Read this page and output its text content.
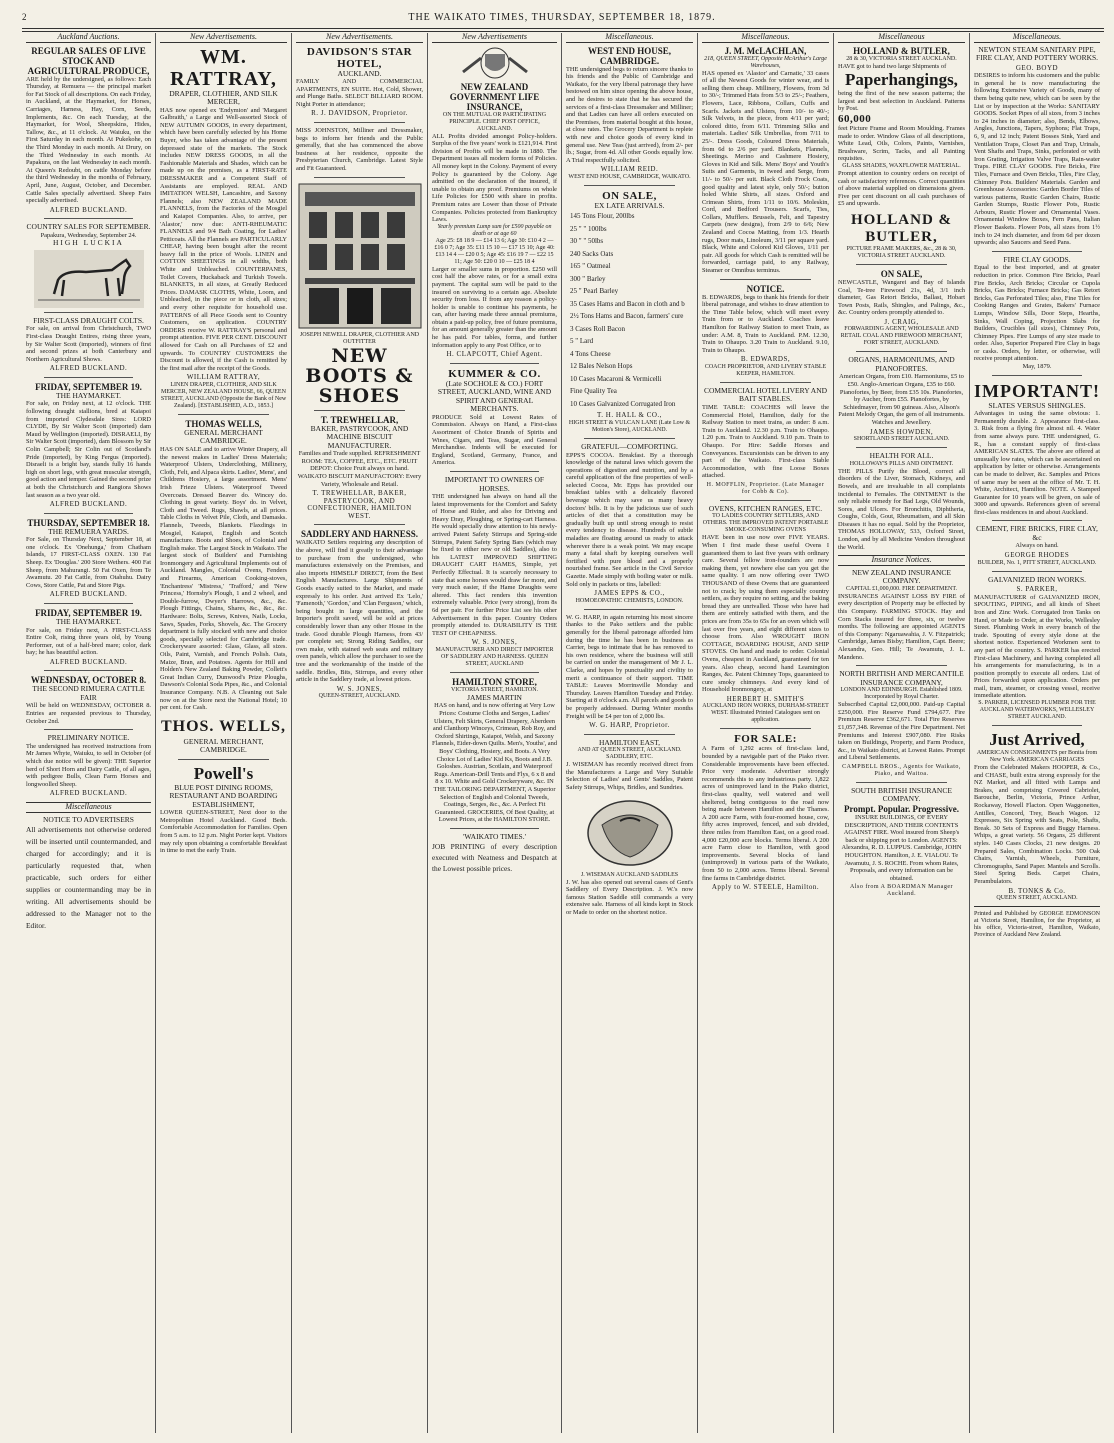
2	THE WAIKATO TIMES, THURSDAY, SEPTEMBER 18, 1879.
Auckland Auctions.
REGULAR SALES OF LIVE STOCK AND AGRICULTURAL PRODUCE,
ARE held by the undersigned, as follows: Each Thursday, at Remuera — the principal market for Fat Stock of all descriptions. On each Friday, in Auckland, at the Haymarket, for Horses, Carriages, Harness, Hay, Corn, Seeds, Implements, &c. On each Tuesday, at the Haymarket, for Wool, Sheepskins, Hides, Tallow, &c., at 11 o'clock. At Waiuku, on the First Saturday in each month. At Pukekohe, on the Third Monday in each month. At Drury, on the Third Wednesday in each month. At Papakura, on the last Wednesday in each month. At Queen's Redoubt, on cattle Monday before the third Wednesday in the months of February, April, June, August, October, and December. Cattle Sales specially advertised. Sheep Fairs specially advertised.
ALFRED BUCKLAND.
COUNTRY SALES FOR SEPTEMBER.
Papakura, Wednesday, September 24.
HIGH LUCKIA
FIRST-CLASS DRAUGHT COLTS.
For sale, on arrival from Christchurch, TWO First-class Draught Entires, rising three years, by Sir Walter Scott (imported), winners of first and second prizes at both Canterbury and Northern Agricultural Shows.
ALFRED BUCKLAND.
FRIDAY, SEPTEMBER 19.
THE HAYMARKET.
For sale, on Friday next, at 12 o'clock. THE following draught stallions, bred at Kaiapoi from imported Clydesdale Sires: LORD CLYDE, By Sir Walter Scott (imported) dam Maud by Wellington (imported). DISRAELI, By Sir Walter Scott (imported), dam Blossom by Sir Colin Campbell; Sir Colin out of Scotland's Pride (imported), by King Fergus (imported). Disraeli is a bright bay, stands fully 16 hands high on short legs, with great muscular strength, good action and temper. Gained the second prize at both the Christchurch and Rangiora Shows last season as a two year old.
ALFRED BUCKLAND.
THURSDAY, SEPTEMBER 18.
THE REMUERA YARDS.
For Sale, on Thursday Next, September 18, at one o'clock. Ex 'Onehunga,' from Chatham Islands, 17 FIRST-CLASS OXEN. 130 Fat Sheep. Ex 'Douglas.' 200 Store Wethers. 400 Fat Sheep, from Mahurangi. 50 Fat Oxen, from Te Awamutu. 20 Fat Cattle, from Otahuhu. Dairy Cows, Store Cattle, Pat and Store Pigs.
ALFRED BUCKLAND.
FRIDAY, SEPTEMBER 19.
THE HAYMARKET.
For sale, on Friday next, A FIRST-CLASS Entire Colt, rising three years old, by Young Performer, out of a half-bred mare; color, dark bay; he has beautiful action.
ALFRED BUCKLAND.
WEDNESDAY, OCTOBER 8.
THE SECOND RIMUERA CATTLE FAIR
Will be held on WEDNESDAY, OCTOBER 8. Entries are requested previous to Thursday, October 2nd.
PRELIMINARY NOTICE.
The undersigned has received instructions from Mr James Whyte, Waiuku, to sell in October (of which due notice will be given): THE Superior herd of Short Horn and Dairy Cattle, of all ages, with pedigree Bulls, Clean Farm Horses and longwoolled Sheep.
ALFRED BUCKLAND.
Miscellaneous
NOTICE TO ADVERTISERS
All advertisements not otherwise ordered will be inserted until countermanded, and charged for accordingly; and it is particularly requested that, when practicable, such orders for either supplies or countermanding may be in writing. All advertisements should be addressed to the Manager not to the Editor.
New Advertisements.
WM. RATTRAY,
DRAPER, CLOTHIER, AND SILK MERCER,
HAS now opened ex 'Endymion' and 'Margaret Galbraith,' a Large and Well-assorted Stock of NEW AUTUMN GOODS, in every department, which have been carefully selected by his Home Buyer, who has taken advantage of the present depressed state of the markets. The Stock includes NEW DRESS GOODS, in all the Fashionable Materials and Shades, which can be made up on the premises, as a FIRST-RATE DRESSMAKER and a Competent Staff of Assistants are employed. REAL AND IMITATION WELSH, Lancashire, and Saxony Flannels; also NEW ZEALAND MADE FLANNELS, from the Factories of the Mosgiel and Kaiapoi Companies. Also, to arrive, per 'Alastor,' now due: ANTI-RHEUMATIC FLANNELS and 9/4 Bath Coating, for Ladies' Petticoats. All the Flannels are PARTICULARLY CHEAP, having been bought after the recent heavy fall in the price of Wools. LINEN and COTTON SHEETINGS in all widths, both White and Unbleached. COUNTERPANES, Toilet Covers, Huckaback and Turkish Towels. BLANKETS, in all sizes, at Greatly Reduced Prices. DAMASK CLOTHS, White, Loom, and Unbleached, in the piece or in cloth, all sizes; and every other requisite for household use. PATTERNS of all Piece Goods sent to Country Customers, on application. COUNTRY ORDERS receive W. RATTRAY'S personal and prompt attention. FIVE PER CENT. DISCOUNT allowed for Cash on all Purchases of £2 and upwards. To COUNTRY CUSTOMERS the Discount is allowed, if the Cash is remitted by the first mail after the receipt of the Goods.
WILLIAM RATTRAY,
LINEN DRAPER, CLOTHIER, AND SILK MERCER, NEW ZEALAND HOUSE, 66, QUEEN STREET, AUCKLAND (Opposite the Bank of New Zealand). [ESTABLISHED, A.D., 1853.]
THOMAS WELLS,
GENERAL MERCHANT CAMBRIDGE.
HAS ON SALE and to arrive Winter Drapery, all the newest makes in Ladies' Dress Materials; Waterproof Ulsters, Underclothing, Millinery, Cloth, Felt, and Alpaca skirts. Ladies', Mens', and Childrens Hosiery, a large assortment. Mens' Irish Frieze Ulsters. Waterproof Tweed Overcoats. Dressed Beaver do. Wincey do. Clothing in great variety. Boys' do. in Velvet, Cloth and Tweed. Rugs, Shawls, at all prices. Table Cloths in Velvet Pile, Cloth, and Damasks. Flannels, Tweeds, Blankets. Flaxdings in Mosgiel, Kaiapoi, English and Scotch manufacture. Boots and Shoes, of Colonial and English make. The Largest Stock in Waikato. The largest stock of Builders' and Furnishing Ironmongery and Agricultural Implements out of Auckland. Mangles, Colonial Ovens, Fenders and Firearms, American Cooking-stoves, 'Enchantress' 'Mistress,' 'Trafford,' and 'New Princess,' Hornsby's Plough, 1 and 2 wheel, and Double-furrow, Dwyer's Harrows, &c., &c. Plough Fittings, Chains, Shares, &c., &c., &c. Hardware: Bolts, Screws, Knives, Nails, Locks, Saws, Spades, Forks, Shovels, &c. The Grocery department is fully stocked with new and choice goods, specially selected for Cambridge trade. Crockeryware assorted: Glass, Glass, all sizes. Oils, Paint, Varnish, and French Polish. Oats, Maize, Bran, and Potatoes. Agents for Hill and Holden's New Zealand Baking Powder, Collett's Great Indian Curry, Dunwood's Prize Ploughs, Dawson's Colonial Soda Pipes, &c., and Colonial Insurance Company. N.B. A Cleaning out Sale now on at the Store next the National Hotel; 10 per cent. for Cash.
THOS. WELLS,
GENERAL MERCHANT, CAMBRIDGE.
Powell's
BLUE POST DINING ROOMS, RESTAURANT AND BOARDING ESTABLISHMENT,
LOWER QUEEN-STREET, Next door to the Metropolitan Hotel Auckland. Good Beds. Comfortable Accommodation for Families. Open from 5 a.m. to 12 p.m. Night Porter kept. Visitors may rely upon obtaining a comfortable Breakfast in time to met the early Train.
New Advertisements.
DAVIDSON'S STAR HOTEL,
AUCKLAND.
FAMILY AND COMMERCIAL APARTMENTS, EN SUITE. Hot, Cold, Shower, and Plunge Baths. SELECT BILLIARD ROOM. Night Porter in attendance;
R. J. DAVIDSON, Proprietor.
MISS JOHNSTON, Milliner and Dressmaker, begs to inform her friends and the Public generally, that she has commenced the above business at her residence, opposite the Presbyterian Church, Cambridge. Latest Style and Fit Guaranteed.
JOSEPH NEWELL DRAPER, CLOTHIER AND OUTFITTER
NEW BOOTS & SHOES
T. TREWHELLAR,
BAKER, PASTRYCOOK, AND MACHINE BISCUIT MANUFACTURER.
Families and Trade supplied. REFRESHMENT ROOM: TEA, COFFEE, ETC., ETC. FRUIT DEPOT: Choice Fruit always on hand. WAIKATO BISCUIT MANUFACTORY: Every Variety, Wholesale and Retail.
T. TREWHELLAR, BAKER, PASTRYCOOK, AND CONFECTIONER, HAMILTON WEST.
SADDLERY AND HARNESS.
WAIKATO Settlers requiring any description of the above, will find it greatly to their advantage to purchase from the undersigned, who manufactures extensively on the Premises, and also imports HIMSELF DIRECT, from the Best English Manufactures. Large Shipments of Goods exactly suited to the Market, and made expressly to his order. Just arrived Ex 'Lelo,' 'Famenoth,' 'Gordon,' and 'Clan Ferguson,' which, being bought in large quantities, and the Importer's profit saved, will be sold at prices considerably lower than any other House in the trade. Good durable Plough Harness, from 43/ per complete set; Strong Riding Saddles, our own make, with stained web seats and military oven panels, which allow the purchaser to see the tree and the workmanship of the inside of the saddle. Bridles, Bits, Stirrups, and every other article in the Saddlery trade, at lowest prices.
W. S. JONES,
QUEEN-STREET, AUCKLAND.
New Advertisements
NEW ZEALAND GOVERNMENT LIFE INSURANCE,
ON THE MUTUAL OR PARTICIPATING PRINCIPLE. CHIEF POST OFFICE, AUCKLAND.
ALL Profits divided amongst Policy-holders. Surplus of the five years' work is £121,914. First division of Profits will be made in 1880. The Department issues all modern forms of Policies. All money kept in the Colony. Payment of every Policy is guaranteed by the Colony. Age admitted on the declaration of the insured, if unable to obtain any proof. Premiums on whole Life Policies for £500 with share in profits. Premium rates are Lower than those of Private Companies. Policies protected from Bankruptcy Laws.
Yearly premium Lump sum for £500 payable on death or at age 60
Age 25: £8 18 9 — £14 13 6; Age 30: £10 4 2 — £16 0 7; Age 35: £11 15 10 — £17 15 10; Age 40: £13 14 4 — £20 0 5; Age 45: £16 19 7 — £22 15 11; Age 50: £20 0 10 — £25 18 4
Larger or smaller sums in proportion. £250 will cost half the above rates, or for a small extra payment. The capital sum will be paid to the insured on surviving to a certain age. Absolute security from loss. If from any reason a policy-holder is unable to continue his payments, he can, after having made three annual premiums, obtain a paid-up policy, free of future premiums, for an amount generally greater than the amount he has paid. For tables, forms, and further information apply to any Post Office, or to
H. CLAPCOTT, Chief Agent.
KUMMER & CO.
(Late SOCHOLE & CO.) FORT STREET, AUCKLAND, WINE AND SPIRIT AND GENERAL MERCHANTS.
PRODUCE Sold at Lowest Rates of Commission. Always on Hand, a First-class Assortment of Choice Brands of Spirits and Wines, Cigars, and Teas, Sugar, and General Merchandise. Indents will be executed for England, Scotland, Germany, France, and America.
IMPORTANT TO OWNERS OF HORSES.
THE undersigned has always on hand all the latest improvements for the Comfort and Safety of Horse and Rider, and also for Driving and Heavy Dray, Ploughing, or Spring-cart Harness. He would specially draw attention to his newly-arrived Patent Safety Stirrups and Spring-side Stirrups, Patent Safety Spring Bars (which may be fixed to either new or old Saddles), also to his LATEST IMPROVED SHIFTING DRAUGHT CART HAMES, Simple, yet Perfectly Effectual. It is scarcely necessary to state that some horses would draw far more, and very much easier, if the Hame Draughts were altered. This fact renders this invention extremely valuable. Price (very strong), from 8s 6d per pair. For further Price List see his other Advertisement in this paper. Country Orders promptly attended to. DURABILITY IS THE TEST OF CHEAPNESS.
W. S. JONES,
MANUFACTURER AND DIRECT IMPORTER OF SADDLERY AND HARNESS. QUEEN STREET, AUCKLAND
HAMILTON STORE,
VICTORIA STREET, HAMILTON.
JAMES MARTIN
HAS on hand, and is now offering at Very Low Prices: Costume Cloths and Serges, Ladies' Ulsters, Felt Skirts, General Drapery, Aberdeen and Clanthorp Winceys, Crimean, Rob Roy, and Oxford Shirtings, Kaiapoi, Welsh, and Saxony Flannels, Eider-down Quilts. Men's, Youths', and Boys' Clothing, Hosiery, and Boots. A Very Choice Lot of Ladies' Kid Ks, Boots and J.B. Goloshes. Austrian, Scotlain, and Waterproof Rugs. American-Drill Tents and Flys, 6 x 8 and 8 x 10. White and Gold Crockeryware, &c. IN THE TAILORING DEPARTMENT, A Superior Selection of English and Colonial Tweeds, Coatings, Serges, &c., &c. A Perfect Fit Guaranteed. GROCERIES, Of Best Quality, at Lowest Prices, at the HAMILTON STORE.
'WAIKATO TIMES.'
JOB PRINTING of every description executed with Neatness and Despatch at the Lowest possible prices.
Miscellaneous.
WEST END HOUSE, CAMBRIDGE.
THE undersigned begs to return sincere thanks to his friends and the Public of Cambridge and Waikato, for the very liberal patronage they have bestowed on him since opening the above house, and he desires to state that he has secured the services of a first-class Dressmaker and Milliner; and that Ladies can have all orders executed on the Premises, from material bought at this house, at close rates. The Grocery Department is replete with new and choice goods of every kind in general use. New Teas (just arrived), from 2/- per lb.; Sugar, from 4d. All other Goods equally low. A Trial respectfully solicited.
WILLIAM REID.
WEST END HOUSE, CAMBRIDGE, WAIKATO.
ON SALE,
EX LATE ARRIVALS.
145 Tons Flour, 200lbs
25 " " 100lbs
30 " " 50lbs
240 Sacks Oats
165 " Oatmeal
300 " Barley
25 " Pearl Barley
35 Cases Hams and Bacon in cloth and b
2½ Tons Hams and Bacon, farmers' cure
3 Cases Roll Bacon
5 " Lard
4 Tons Cheese
12 Bales Nelson Hops
10 Cases Macaroni & Vermicelli
Fine Quality Tea
10 Cases Galvanized Corrugated Iron
T. H. HALL & CO.,
HIGH STREET & VULCAN LANE (Late Low & Motion's Store), AUCKLAND.
GRATEFUL—COMFORTING.
EPPS'S COCOA. Breakfast. By a thorough knowledge of the natural laws which govern the operations of digestion and nutrition, and by a careful application of the fine properties of well-selected Cocoa, Mr. Epps has provided our breakfast tables with a delicately flavored beverage which may save us many heavy doctors' bills. It is by the judicious use of such articles of diet that a constitution may be gradually built up until strong enough to resist every tendency to disease. Hundreds of subtle maladies are floating around us ready to attack wherever there is a weak point. We may escape many a fatal shaft by keeping ourselves well fortified with pure blood and a properly nourished frame. See article in the Civil Service Gazette. Made simply with boiling water or milk. Sold only in packets or tins, labelled:
JAMES EPPS & CO.,
HOMOEOPATHIC CHEMISTS, LONDON.
W. G. HARP, in again returning his most sincere thanks to the Pako settlers and the public generally for the liberal patronage afforded him during the time he has been in business as Carrier, begs to intimate that he has removed to his own residence, where the business will still be carried on under the management of Mr J. L. Clarke, and hopes by punctuality and civility to merit a continuance of their support. TIME TABLE: Leaves Morrinsville Monday and Thursday. Leaves Hamilton Tuesday and Friday. Starting at 8 o'clock a.m. All parcels and goods to be properly addressed. During Winter months Freight will be £4 per ton of 2,000 lbs.
W. G. HARP, Proprietor.
HAMILTON EAST,
AND AT QUEEN STREET, AUCKLAND. SADDLERY, ETC.
J. WISEMAN has recently received direct from the Manufacturers a Large and Very Suitable Selection of Ladies' and Gents' Saddles, Patent Safety Stirrups, Whips, Bridles, and Sundries.
J. WISEMAN AUCKLAND SADDLES
J. W. has also opened out several cases of Gent's Saddlery of Every Description. J. W.'s now famous Station Saddle still commands a very extensive sale. Harness of all kinds kept in Stock or Made to order on the shortest notice.
Miscellaneous.
J. M. McLACHLAN,
218, QUEEN STREET, Opposite McArthur's Large Warehouses,
HAS opened ex 'Alastor' and Carnatic,' 33 cases of all the Newest Goods for winter wear, and is selling them cheap. Millinery, Flowers, from 3d to 30/-; Trimmed Hats from 5/3 to 25/-; Feathers, Flowers, Lace, Ribbons, Collars, Cuffs and Scarfs. Jackets and Ulsters, from 10/- to 40/-; Silk Velvets, in the piece, from 4/11 per yard; colored ditto, from 6/11. Trimming Silks and materials. Ladies' Silk Umbrellas, from 7/11 to 25/-. Dress Goods, Coloured Dress Materials, from 6d to 2/6 per yard. Blankets, Flannels, Sheetings. Merino and Cashmere Hosiery, Gloves in Kid and Silk. Mens' Boys' and Youth's Suits and Garments, in tweed and Serge, from 11/- to 50/- per suit. Black Cloth Frock Coats, good quality and latest style, only 50/-; button holed White Shirts, all sizes. Oxford and Crimean Shirts, from 1/11 to 10/6. Moleskin, Cord, and Bedford Trousers. Scarfs, Ties, Collars, Mufflers. Brussels, Felt, and Tapestry Carpets (new designs), from 2/9 to 6/6; New Zealand and Cocoa Matting, from 1/3. Hearth rugs, Door mats, Linoleum, 3/11 per square yard. Black, White and Colored Kid Gloves, 1/11 per pair. All goods for which Cash is remitted will be forwarded, carriage paid, to any Railway, Steamer or Omnibus terminus.
NOTICE.
B. EDWARDS, begs to thank his friends for their liberal patronage, and wishes to draw attention to the Time Table below, which will meet every Train from or to Auckland. Coaches leave Hamilton for Railway Station to meet Train, as under: A.M. 8, Train to Auckland. P.M. 12.30, Train to Ohaupo. 3.20 Train to Auckland. 9.10, Train to Ohaupo.
B. EDWARDS,
COACH PROPRIETOR, AND LIVERY STABLE KEEPER, HAMILTON.
COMMERCIAL HOTEL LIVERY AND BAIT STABLES.
TIME TABLE: COACHES will leave the Commercial Hotel, Hamilton, daily for the Railway Station to meet trains, as under: 8 a.m. Train to Auckland. 12.30 p.m. Train to Ohaupo. 1.20 p.m. Train to Auckland. 9.10 p.m. Train to Ohaupo. For Hire: Saddle Horses and Conveyances. Excursionists can be driven to any part of the Waikato. First-class Stable Accommodation, with fine Loose Boxes attached.
H. MOFFLIN, Proprietor. (Late Manager for Cobb & Co).
OVENS, KITCHEN RANGES, ETC.
TO LADIES COUNTRY SETTLERS, AND OTHERS. THE IMPROVED PATENT PORTABLE SMOKE-CONSUMING OVENS
HAVE been in use now over FIVE YEARS. When I first made these useful Ovens I guaranteed them to last five years with ordinary care. Several fellow iron-founders are now making them, yet nowhere else can you get the same quality. I am now offering over TWO THOUSAND of these Ovens that are guaranteed not to crack; by using them especially country settlers, as they require no setting, and the baking bread they are unrivalled. Those who have had them are entirely satisfied with them, and the prices are from 35s to 65s for an oven which will last over five years, and eight different sizes to choose from. Also WROUGHT IRON COTTAGE, BOARDING HOUSE, AND SHIP STOVES. On hand and made to order. Colonial Ovens, cheapest in Auckland, guaranteed for ten years. Also cheap, second hand Leamington Ranges, &c. Patent Chimney Tops, guaranteed to cure smoky chimneys. And every kind of Household Ironmongery, at
HERBERT H. SMITH'S
AUCKLAND IRON WORKS, DURHAM-STREET WEST. Illustrated Printed Catalogues sent on application.
FOR SALE:
A Farm of 1,292 acres of first-class land, bounded by a navigable part of the Piako river. Considerable improvements have been effected. Price very moderate. Advertiser strongly recommends this to any industrious party. 1,822 acres of unimproved land in the Piako district, first-class quality, well watered and well sheltered, being contiguous to the road now being made between Hamilton and the Thames. A 200 acre Farm, with four-roomed house, cow, fifty acres improved, fenced, and sub divided, three miles from Hamilton East, on a good road. 4,000 £20,000 acre blocks. Terms liberal. A 200 acre Farm close to Hamilton, with good improvements. Several blocks of land (unimproved) in various parts of the Waikato, from 50 to 2,000 acres. Terms liberal. Several fine farms in Cambridge district.
Apply to W. STEELE, Hamilton.
Miscellaneous
HOLLAND & BUTLER,
28 & 30, VICTORIA STREET AUCKLAND.
HAVE got to hand two large Shipments of
Paperhangings,
being the first of the new season patterns; the largest and best selection in Auckland. Patterns by Post.
60,000
feet Picture Frame and Room Moulding. Frames made to order. Window Glass of all descriptions, White Lead, Oils, Colors, Paints, Varnishes, Brushware, Scrim, Tacks, and all Painting requisites.
GLASS SHADES, WAXFLOWER MATERIAL.
Prompt attention to country orders on receipt of cash or satisfactory references. Correct quantities of above material supplied on dimensions given. Five per cent discount on all cash purchases of £5 and upwards.
HOLLAND & BUTLER,
PICTURE FRAME MAKERS, &c., 28 & 30, VICTORIA STREET AUCKLAND.
ON SALE,
NEWCASTLE, Wangarei and Bay of Islands Coal, Te-tree Firewood 21s, 4d, 3/1 inch diameter, Gas Retort Bricks, Ballast, Hobart Town Posts, Rails, Shingles, and Palings, &c., &c. Country orders promptly attended to.
J. CRAIG,
FORWARDING AGENT, WHOLESALE AND RETAIL COAL AND FIREWOOD MERCHANT, FORT STREET, AUCKLAND.
ORGANS, HARMONIUMS, AND PIANOFORTES.
American Organs, from £10. Harmoniums, £5 to £50. Anglo-American Organs, £35 to £60. Pianofortes, by Beer, from £35 10s. Pianofortes, by Aucher, from £55. Pianofortes, by Schiedmayer, from 90 guineas. Also, Alison's Patent Melody Organ, the gem of all instruments. Watches and Jewellery.
JAMES HOWDEN,
SHORTLAND STREET AUCKLAND.
HEALTH FOR ALL.
HOLLOWAY'S PILLS AND OINTMENT.
THE PILLS Purify the Blood, correct all disorders of the Liver, Stomach, Kidneys, and Bowels, and are invaluable in all complaints incidental to Females. The OINTMENT is the only reliable remedy for Bad Legs, Old Wounds, Sores, and Ulcers. For Bronchitis, Diphtheria, Coughs, Colds, Gout, Rheumatism, and all Skin Diseases it has no equal. Sold by the Proprietor, THOMAS HOLLOWAY, 533, Oxford Street, London, and by all Medicine Vendors throughout the World.
Insurance Notices.
NEW ZEALAND INSURANCE COMPANY.
CAPITAL £1,000,000. FIRE DEPARTMENT.
INSURANCES AGAINST LOSS BY FIRE of every description of Property may be effected by this Company. FARMING STOCK. Hay and Corn Stacks insured for three, six, or twelve months. The following are appointed AGENTS of this Company: Ngaruawahia, J. V. Fitzpatrick; Cambridge, James Bisby; Hamilton, Capt. Beere; Alexandra, Geo. Hill; Te Awamutu, J. L. Mandeno.
NORTH BRITISH AND MERCANTILE INSURANCE COMPANY,
LONDON AND EDINBURGH. Established 1809. Incorporated by Royal Charter.
Subscribed Capital £2,000,000. Paid-up Capital £250,000. Fire Reserve Fund £794,677. Fire Premium Reserve £362,671. Total Fire Reserves £1,057,348. Revenue of the Fire Department. Net Premiums and Interest £907,080. Fire Risks taken on Buildings, Property, and Farm Produce, &c., in Waikato district, at Lowest Rates. Prompt and Liberal Settlements.
CAMPBELL BROS., Agents for Waikato, Piako, and Waitoa.
SOUTH BRITISH INSURANCE COMPANY.
Prompt. Popular. Progressive.
INSURE BUILDINGS, OF EVERY DESCRIPTION, AND THEIR CONTENTS AGAINST FIRE. Wool insured from Sheep's back or shipping port to London. AGENTS: Alexandra, R. D. LUPPUS. Cambridge, JOHN HOUGHTON. Hamilton, J. E. VIALOU. Te Awamutu, J. S. ROCHE. From whom Rates, Proposals, and every information can be obtained.
Also from A BOARDMAN Manager Auckland.
Miscellaneous.
NEWTON STEAM SANITARY PIPE, FIRE CLAY, AND POTTERY WORKS.
GEO. BOYD
DESIRES to inform his customers and the public in general he is now manufacturing the following Extensive Variety of Goods, many of them being quite new, which can be seen by the List or by inspection at the Works: SANITARY GOODS. Socket Pipes of all sizes, from 3 inches to 24 inches in diameter; also, Bends, Elbows, Angles, Junctions, Tapers, Syphons; Flat Traps, 6, 9, and 12 inch; Patent Bosses Sink, Yard and Ventilation Traps, Closet Pan and Trap, Urinals, Vent Shafts and Traps, Sinks, perforated or with Iron Grating, Irrigation Valve Traps, Rain-water Traps. FIRE CLAY GOODS. Fire Bricks, Fire Tiles, Furnace and Oven Bricks, Tiles, Fire Clay, Chimney Pots. Builders' Materials. Garden and Greenhouse Accessories: Garden Border Tiles of various patterns, Rustic Garden Chairs, Rustic Garden Stumps, Rustic Flower Pots, Rustic Arbours, Rustic Flower and Ornamental Vases. Ornamental Window Boxes, Fern Pans, Italian Flower Baskets. Flower Pots, all sizes from 1½ inch to 24 inch diameter, and from 6d per dozen upwards; also Saucers and Seed Pans.
FIRE CLAY GOODS.
Equal to the best imported, and at greater reduction in price. Common Fire Bricks, Pearl Fire Bricks, Arch Bricks; Circular or Cupola Bricks, Gas Bricks; Furnace Bricks; Gas Retort Bricks, Gas Perforated Tiles; also, Fine Tiles for Cooking Ranges and Grates, Bakers' Furnace Lumps, Window Sills, Door Steps, Hearths, Sinks, Wall Coping, Projection Slabs for Builders, Crucibles (all sizes), Chimney Pots, Chimney Pipes. Fire Lumps of any size made to order. Also, Superior Prepared Fire Clay in bags or casks. Orders, by letter, or otherwise, will receive prompt attention.
May, 1879.
IMPORTANT!
SLATES VERSUS SHINGLES.
Advantages in using the same obvious: 1. Permanently durable. 2. Appearance first-class. 3. Risk from a flying fire almost nil. 4. Water from same always pure. THE undersigned, G. R., has a constant supply of first-class AMERICAN SLATES. The above are offered at unusually low rates, which can be ascertained on application by letter or otherwise. Arrangements can be made to deliver, &c. Samples and Prices of same may be seen at the office of Mr. T. H. White, Architect, Hamilton. NOTE. A Stamped Guarantee for 10 years will be given, on sale of 3000 and upwards. References given of several first-class residences in and about Auckland.
CEMENT, FIRE BRICKS, FIRE CLAY, &c
Always on hand.
GEORGE RHODES
BUILDER, No. 1, PITT STREET, AUCKLAND.
GALVANIZED IRON WORKS.
S. PARKER,
MANUFACTURER of GALVANIZED IRON, SPOUTING, PIPING, and all kinds of Sheet Iron and Zinc Work. Corrugated Iron Tanks on Hand, or Made to Order, at the Works, Wellesley Street. Plumbing Work in every branch of the trade. Spouting of every style done at the shortest notice. Experienced Workmen sent to any part of the country. S. PARKER has erected First-class Machinery, and having completed all his arrangements for manufacturing, is in a position promptly to execute all orders. List of Prices forwarded upon application. Orders per mail, tram, steamer, or crossing vessel, receive immediate attention.
S. PARKER, LICENSED PLUMBER FOR THE AUCKLAND WATERWORKS, WELLESLEY STREET AUCKLAND.
Just Arrived,
AMERICAN CONSIGNMENTS per Bonita from New York. AMERICAN CARRIAGES
From the Celebrated Makers HOOPER, & Co., and CHASE, built extra strong expressly for the NZ Market, and all fitted with Lamps and Brakes, and comprising Covered Cabriolet, Barouche, Berlin, Victoria, Prince Arthur, Rockaway, Howell Flacton. Open Waggonettes, Antilles, Concord, Trey, Beach Wagon. 12 Expresses, Six Spring with Seats, Pole, Shafts, Break. 30 Sets of Express and Buggy Harness. Whips, a great variety. 56 Organs, 25 different styles. 140 Cases Clocks, 21 new designs. 20 Prepared Sales, Combination Locks. 500 Oak Chairs, Varnish, Wheels, Furniture, Chromographs, Sand Paper. Mantels and Scrolls. Steel Spring Beds. Carpet Chairs, Perambulators.
B. TONKS & Co.
QUEEN STREET, AUCKLAND.
Printed and Published by GEORGE EDMONSON at Victoria Street, Hamilton, for the Proprietor, at his office, Victoria-street, Hamilton, Waikato, Province of Auckland New Zealand.
